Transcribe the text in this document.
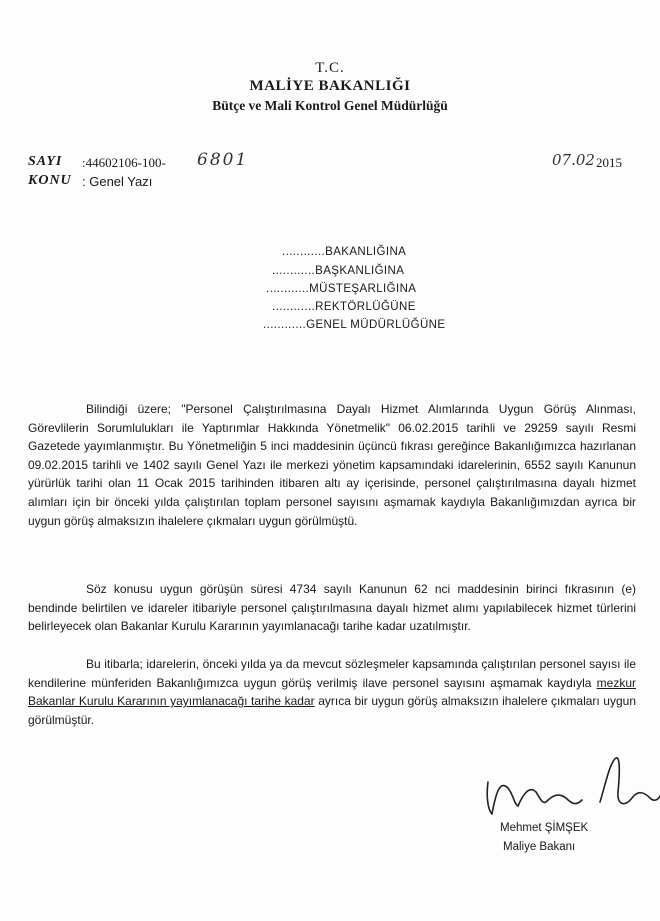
T.C.
MALİYE BAKANLIĞI
Bütçe ve Mali Kontrol Genel Müdürlüğü
SAYI :44602106-100- 6801	07.02 2015
KONU : Genel Yazı
............BAKANLIĞINA
............BAŞKANLIĞINA
............MÜSTEŞARLIĞINA
............REKTÖRLÜĞÜNE
............GENEL MÜDÜRLÜĞÜNE

Bilindiği üzere; "Personel Çalıştırılmasına Dayalı Hizmet Alımlarında Uygun Görüş Alınması, Görevlilerin Sorumlulukları ile Yaptırımlar Hakkında Yönetmelik" 06.02.2015 tarihli ve 29259 sayılı Resmi Gazetede yayımlanmıştır. Bu Yönetmeliğin 5 inci maddesinin üçüncü fıkrası gereğince Bakanlığımızca hazırlanan 09.02.2015 tarihli ve 1402 sayılı Genel Yazı ile merkezi yönetim kapsamındaki idarelerinin, 6552 sayılı Kanunun yürürlük tarihi olan 11 Ocak 2015 tarihinden itibaren altı ay içerisinde, personel çalıştırılmasına dayalı hizmet alımları için bir önceki yılda çalıştırılan toplam personel sayısını aşmamak kaydıyla Bakanlığımızdan ayrıca bir uygun görüş almaksızın ihalelere çıkmaları uygun görülmüştü.

Söz konusu uygun görüşün süresi 4734 sayılı Kanunun 62 nci maddesinin birinci fıkrasının (e) bendinde belirtilen ve idareler itibariyle personel çalıştırılmasına dayalı hizmet alımı yapılabilecek hizmet türlerini belirleyecek olan Bakanlar Kurulu Kararının yayımlanacağı tarihe kadar uzatılmıştır.

Bu itibarla; idarelerin, önceki yılda ya da mevcut sözleşmeler kapsamında çalıştırılan personel sayısı ile kendilerine münferiden Bakanlığımızca uygun görüş verilmiş ilave personel sayısını aşmamak kaydıyla mezkur Bakanlar Kurulu Kararının yayımlanacağı tarihe kadar ayrıca bir uygun görüş almaksızın ihalelere çıkmaları uygun görülmüştür.

Mehmet ŞİMŞEK
Maliye Bakanı
